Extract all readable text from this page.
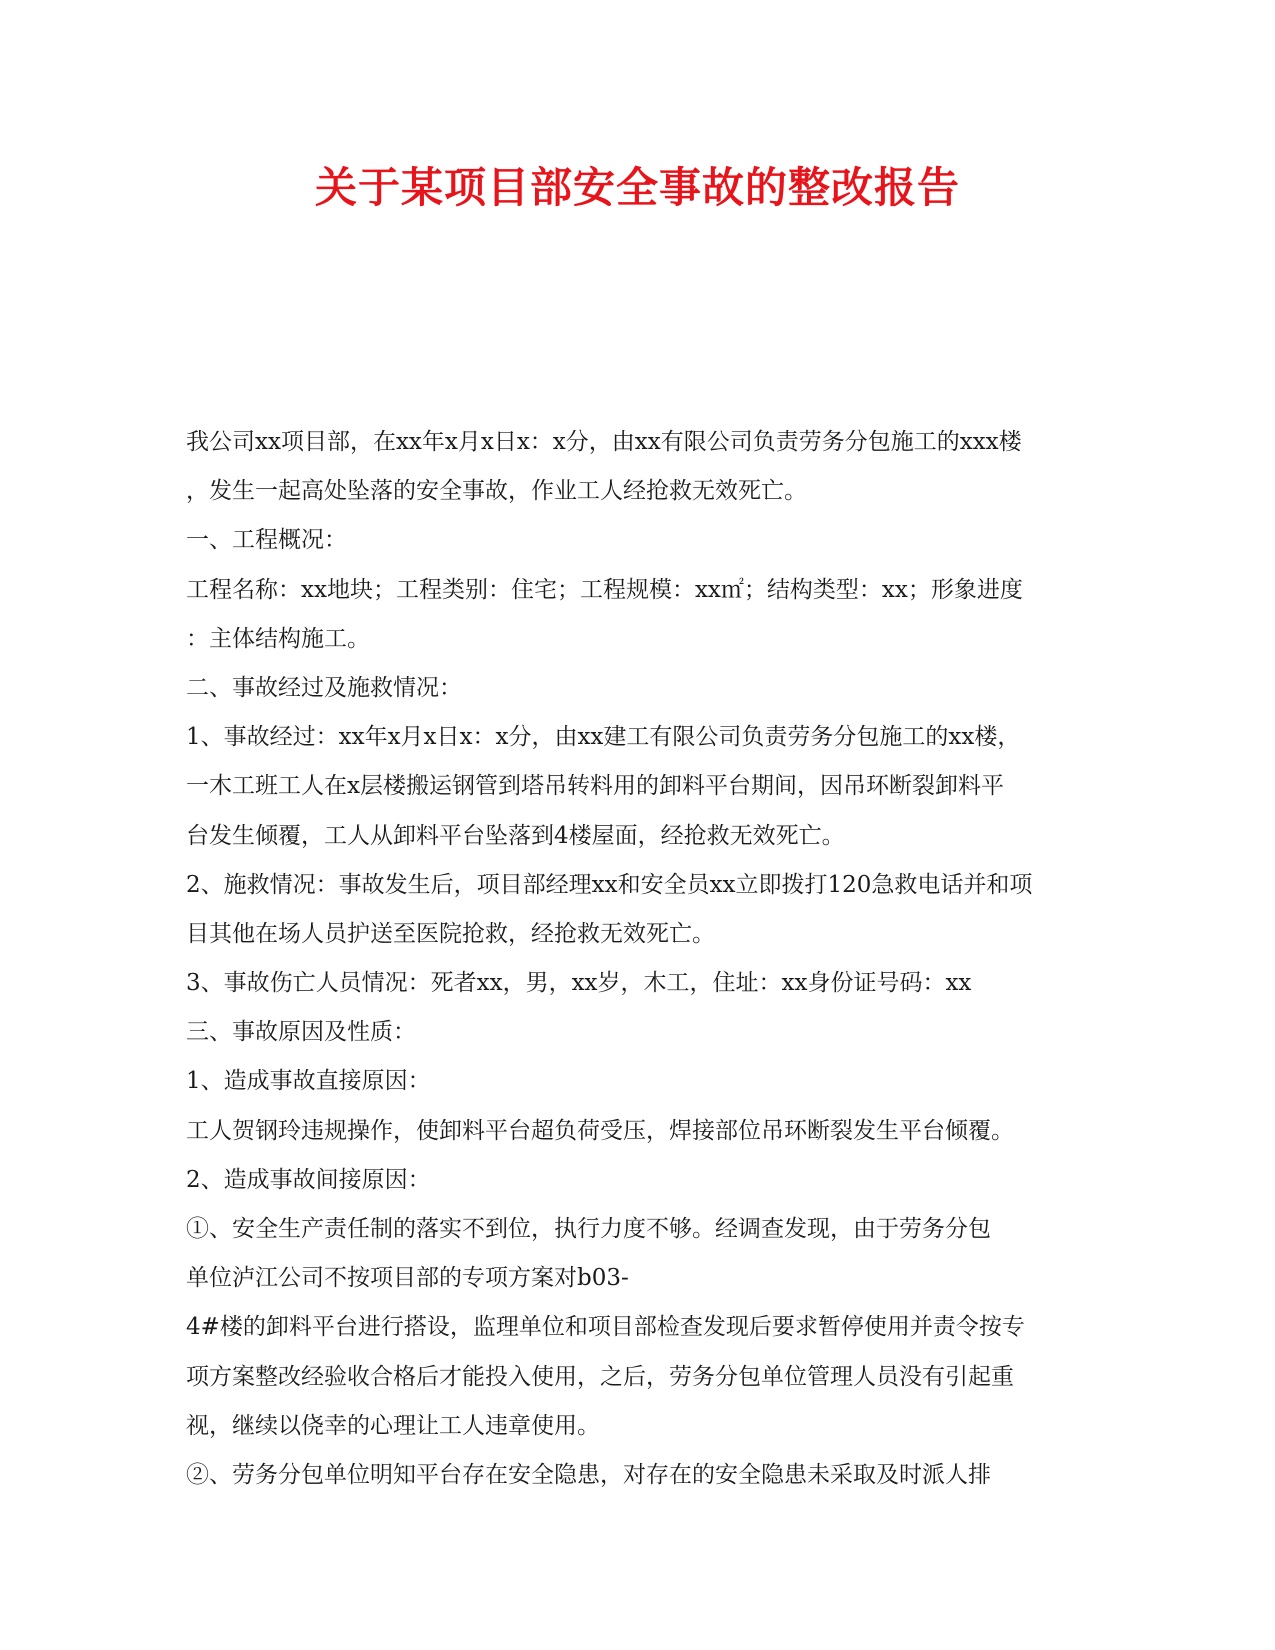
关于某项目部安全事故的整改报告
我公司xx项目部，在xx年x月x日x：x分，由xx有限公司负责劳务分包施工的xxx楼
，发生一起高处坠落的安全事故，作业工人经抢救无效死亡。
一、工程概况：
工程名称：xx地块；工程类别：住宅；工程规模：xx㎡；结构类型：xx；形象进度
：主体结构施工。
二、事故经过及施救情况：
1、事故经过：xx年x月x日x：x分，由xx建工有限公司负责劳务分包施工的xx楼，
一木工班工人在x层楼搬运钢管到塔吊转料用的卸料平台期间，因吊环断裂卸料平
台发生倾覆，工人从卸料平台坠落到4楼屋面，经抢救无效死亡。
2、施救情况：事故发生后，项目部经理xx和安全员xx立即拨打120急救电话并和项
目其他在场人员护送至医院抢救，经抢救无效死亡。
3、事故伤亡人员情况：死者xx，男，xx岁，木工，住址：xx身份证号码：xx
三、事故原因及性质：
1、造成事故直接原因：
工人贺钢玲违规操作，使卸料平台超负荷受压，焊接部位吊环断裂发生平台倾覆。
2、造成事故间接原因：
①、安全生产责任制的落实不到位，执行力度不够。经调查发现，由于劳务分包
单位泸江公司不按项目部的专项方案对b03-
4#楼的卸料平台进行搭设，监理单位和项目部检查发现后要求暂停使用并责令按专
项方案整改经验收合格后才能投入使用，之后，劳务分包单位管理人员没有引起重
视，继续以侥幸的心理让工人违章使用。
②、劳务分包单位明知平台存在安全隐患，对存在的安全隐患未采取及时派人排
